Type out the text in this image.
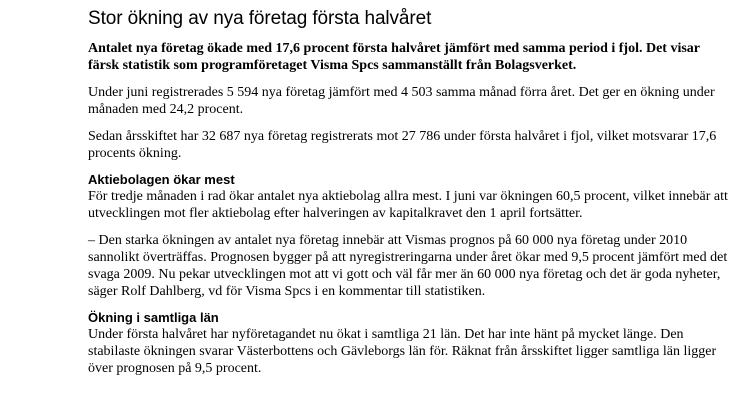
Stor ökning av nya företag första halvåret

Antalet nya företag ökade med 17,6 procent första halvåret jämfört med samma period i fjol. Det visar färsk statistik som programföretaget Visma Spcs sammanställt från Bolagsverket.

Under juni registrerades 5 594 nya företag jämfört med 4 503 samma månad förra året. Det ger en ökning under månaden med 24,2 procent.

Sedan årsskiftet har 32 687 nya företag registrerats mot 27 786 under första halvåret i fjol, vilket motsvarar 17,6 procents ökning.

Aktiebolagen ökar mest

För tredje månaden i rad ökar antalet nya aktiebolag allra mest. I juni var ökningen 60,5 procent, vilket innebär att utvecklingen mot fler aktiebolag efter halveringen av kapitalkravet den 1 april fortsätter.

– Den starka ökningen av antalet nya företag innebär att Vismas prognos på 60 000 nya företag under 2010 sannolikt överträffas. Prognosen bygger på att nyregistreringarna under året ökar med 9,5 procent jämfört med det svaga 2009. Nu pekar utvecklingen mot att vi gott och väl får mer än 60 000 nya företag och det är goda nyheter, säger Rolf Dahlberg, vd för Visma Spcs i en kommentar till statistiken.

Ökning i samtliga län

Under första halvåret har nyföretagandet nu ökat i samtliga 21 län. Det har inte hänt på mycket länge. Den stabilaste ökningen svarar Västerbottens och Gävleborgs län för. Räknat från årsskiftet ligger samtliga län ligger över prognosen på 9,5 procent.
